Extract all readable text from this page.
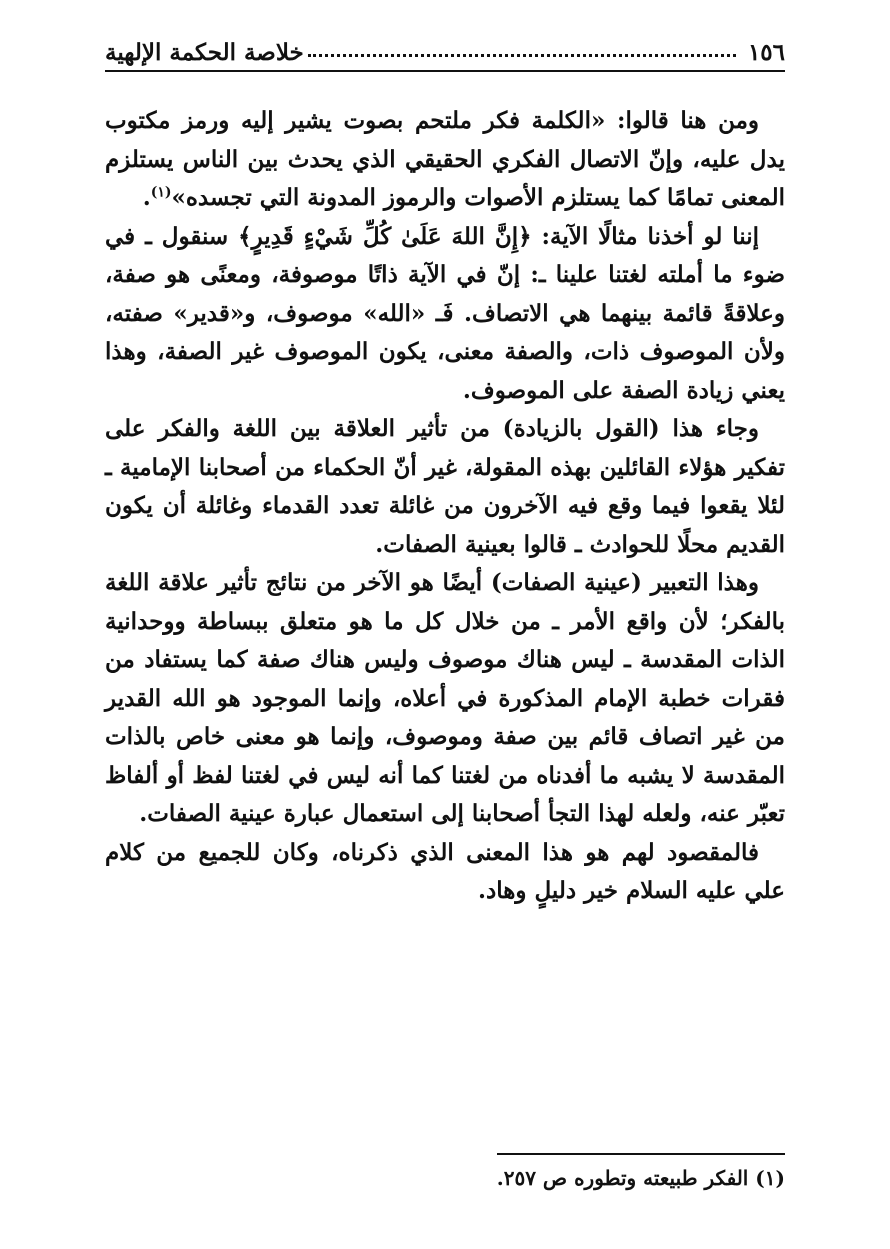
١٥٦
خلاصة الحكمة الإلهية

ومن هنا قالوا: «الكلمة فكر ملتحم بصوت يشير إليه ورمز مكتوب يدل عليه، وإنّ الاتصال الفكري الحقيقي الذي يحدث بين الناس يستلزم المعنى تمامًا كما يستلزم الأصوات والرموز المدونة التي تجسده»$^{(١)}$.

إننا لو أخذنا مثالًا الآية: ﴿إِنَّ اللهَ عَلَىٰ كُلِّ شَيْءٍ قَدِيرٍ﴾ سنقول ـ في ضوء ما أملته لغتنا علينا ـ: إنّ في الآية ذاتًا موصوفة، ومعنًى هو صفة، وعلاقةً قائمة بينهما هي الاتصاف. فَـ «الله» موصوف، و«قدير» صفته، ولأن الموصوف ذات، والصفة معنى، يكون الموصوف غير الصفة، وهذا يعني زيادة الصفة على الموصوف.

وجاء هذا (القول بالزيادة) من تأثير العلاقة بين اللغة والفكر على تفكير هؤلاء القائلين بهذه المقولة، غير أنّ الحكماء من أصحابنا الإمامية ـ لئلا يقعوا فيما وقع فيه الآخرون من غائلة تعدد القدماء وغائلة أن يكون القديم محلًا للحوادث ـ قالوا بعينية الصفات.

وهذا التعبير (عينية الصفات) أيضًا هو الآخر من نتائج تأثير علاقة اللغة بالفكر؛ لأن واقع الأمر ـ من خلال كل ما هو متعلق ببساطة ووحدانية الذات المقدسة ـ ليس هناك موصوف وليس هناك صفة كما يستفاد من فقرات خطبة الإمام المذكورة في أعلاه، وإنما الموجود هو الله القدير من غير اتصاف قائم بين صفة وموصوف، وإنما هو معنى خاص بالذات المقدسة لا يشبه ما أفدناه من لغتنا كما أنه ليس في لغتنا لفظ أو ألفاظ تعبّر عنه، ولعله لهذا التجأ أصحابنا إلى استعمال عبارة عينية الصفات.

فالمقصود لهم هو هذا المعنى الذي ذكرناه، وكان للجميع من كلام علي عليه السلام خير دليلٍ وهاد.

(١) الفكر طبيعته وتطوره ص ٢٥٧.
